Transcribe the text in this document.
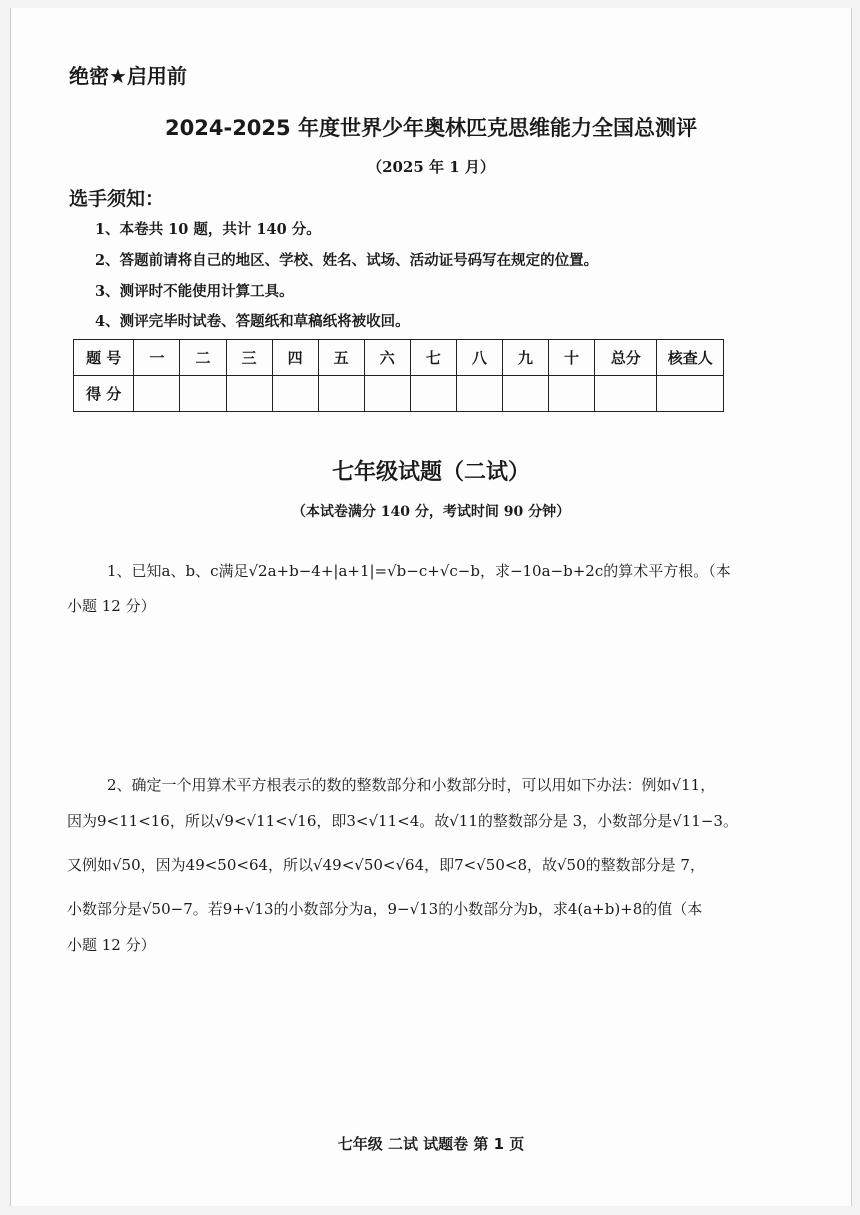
绝密★启用前
2024-2025 年度世界少年奥林匹克思维能力全国总测评
（2025 年 1 月）
选手须知：
1、本卷共 10 题，共计 140 分。
2、答题前请将自己的地区、学校、姓名、试场、活动证号码写在规定的位置。
3、测评时不能使用计算工具。
4、测评完毕时试卷、答题纸和草稿纸将被收回。
题 号	一	二	三	四	五	六	七	八	九	十	总分	核查人
得 分												
七年级试题（二试）
（本试卷满分 140 分，考试时间 90 分钟）
1、已知a、b、c满足√2a+b−4+|a+1|=√b−c+√c−b，求−10a−b+2c的算术平方根。（本
小题 12 分）
2、确定一个用算术平方根表示的数的整数部分和小数部分时，可以用如下办法：例如√11，
因为9<11<16，所以√9<√11<√16，即3<√11<4。故√11的整数部分是 3，小数部分是√11−3。
又例如√50，因为49<50<64，所以√49<√50<√64，即7<√50<8，故√50的整数部分是 7，
小数部分是√50−7。若9+√13的小数部分为a，9−√13的小数部分为b，求4(a+b)+8的值（本
小题 12 分）
七年级 二试 试题卷 第 1 页
